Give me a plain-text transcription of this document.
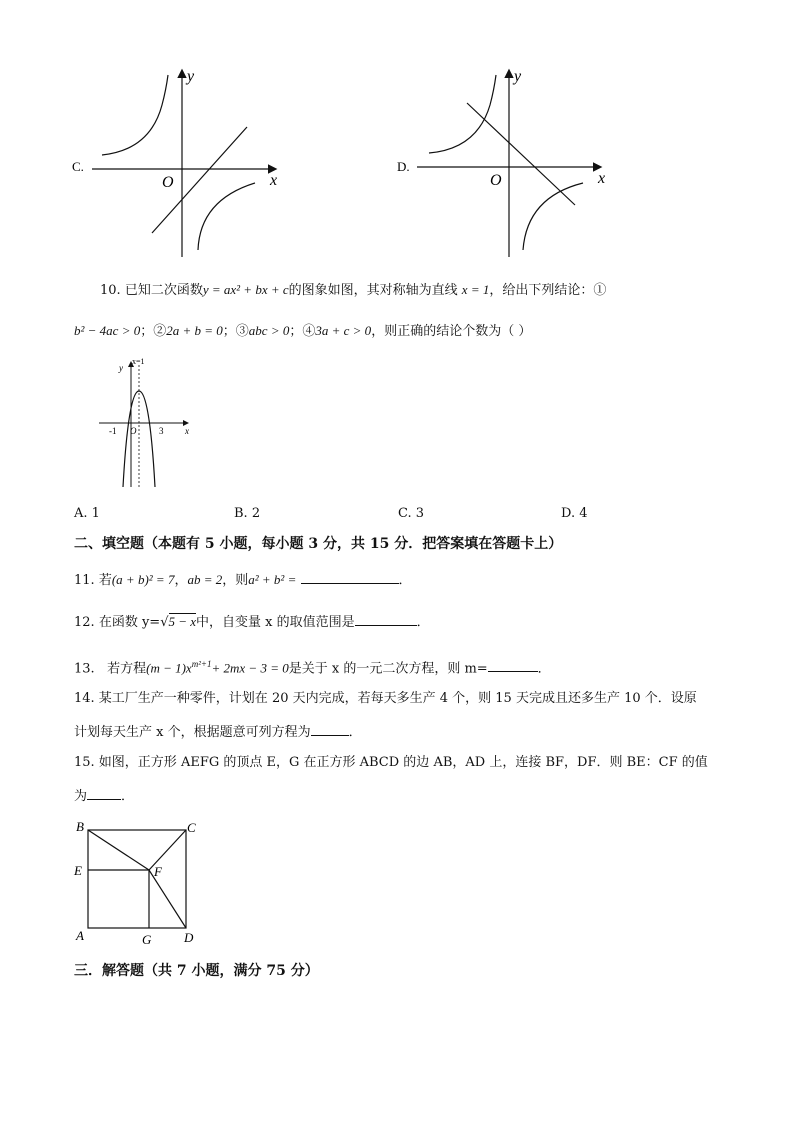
C.
y
x
O
D.
y
x
O
10. 已知二次函数y = ax² + bx + c的图象如图，其对称轴为直线 x = 1，给出下列结论：①
b² − 4ac > 0；②2a + b = 0；③abc > 0；④3a + c > 0，则正确的结论个数为（ ）
x=1
y
x
-1 O	3
A. 1	B. 2	C. 3	D. 4
二、填空题（本题有 5 小题，每小题 3 分，共 15 分．把答案填在答题卡上）
11. 若(a + b)² = 7，ab = 2，则a² + b² =	．
12. 在函数 y=√5 − x中，自变量 x 的取值范围是	．
13. 若方程$(m - 1)x^{m^2+1}+ 2mx - 3 = 0$是关于 x 的一元二次方程，则 m=	．
14. 某工厂生产一种零件，计划在 20 天内完成，若每天多生产 4 个，则 15 天完成且还多生产 10 个．设原
计划每天生产 x 个，根据题意可列方程为	．
15. 如图，正方形 AEFG 的顶点 E，G 在正方形 ABCD 的边 AB，AD 上，连接 BF，DF．则 BE：CF 的值
为	．
B	C
E	F
A	G	D
三．解答题（共 7 小题，满分 75 分）
